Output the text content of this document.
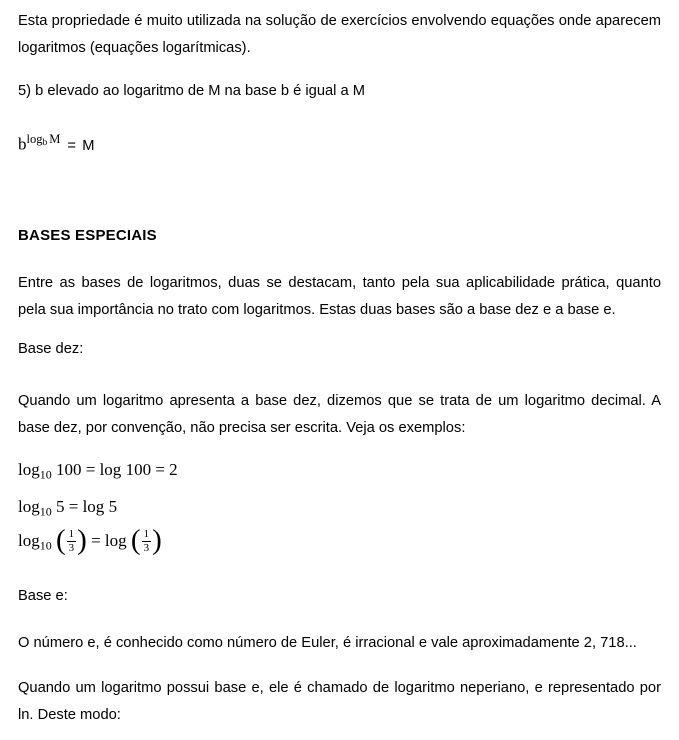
Esta propriedade é muito utilizada na solução de exercícios envolvendo equações onde aparecem logaritmos (equações logarítmicas).

5) b elevado ao logaritmo de M na base b é igual a M

$b^{logb M} = M$
BASES ESPECIAIS

Entre as bases de logaritmos, duas se destacam, tanto pela sua aplicabilidade prática, quanto pela sua importância no trato com logaritmos. Estas duas bases são a base dez e a base e.

Base dez:

Quando um logaritmo apresenta a base dez, dizemos que se trata de um logaritmo decimal. A base dez, por convenção, não precisa ser escrita. Veja os exemplos:

$\log_{10} 100 = \log 100 = 2$
$\log_{10} 5 = \log 5$
$\log_{10}$ ( $\frac{1}{3}$ ) = log ( $\frac{1}{3}$ )

Base e:

O número e, é conhecido como número de Euler, é irracional e vale aproximadamente 2, 718...

Quando um logaritmo possui base e, ele é chamado de logaritmo neperiano, e representado por ln. Deste modo:
